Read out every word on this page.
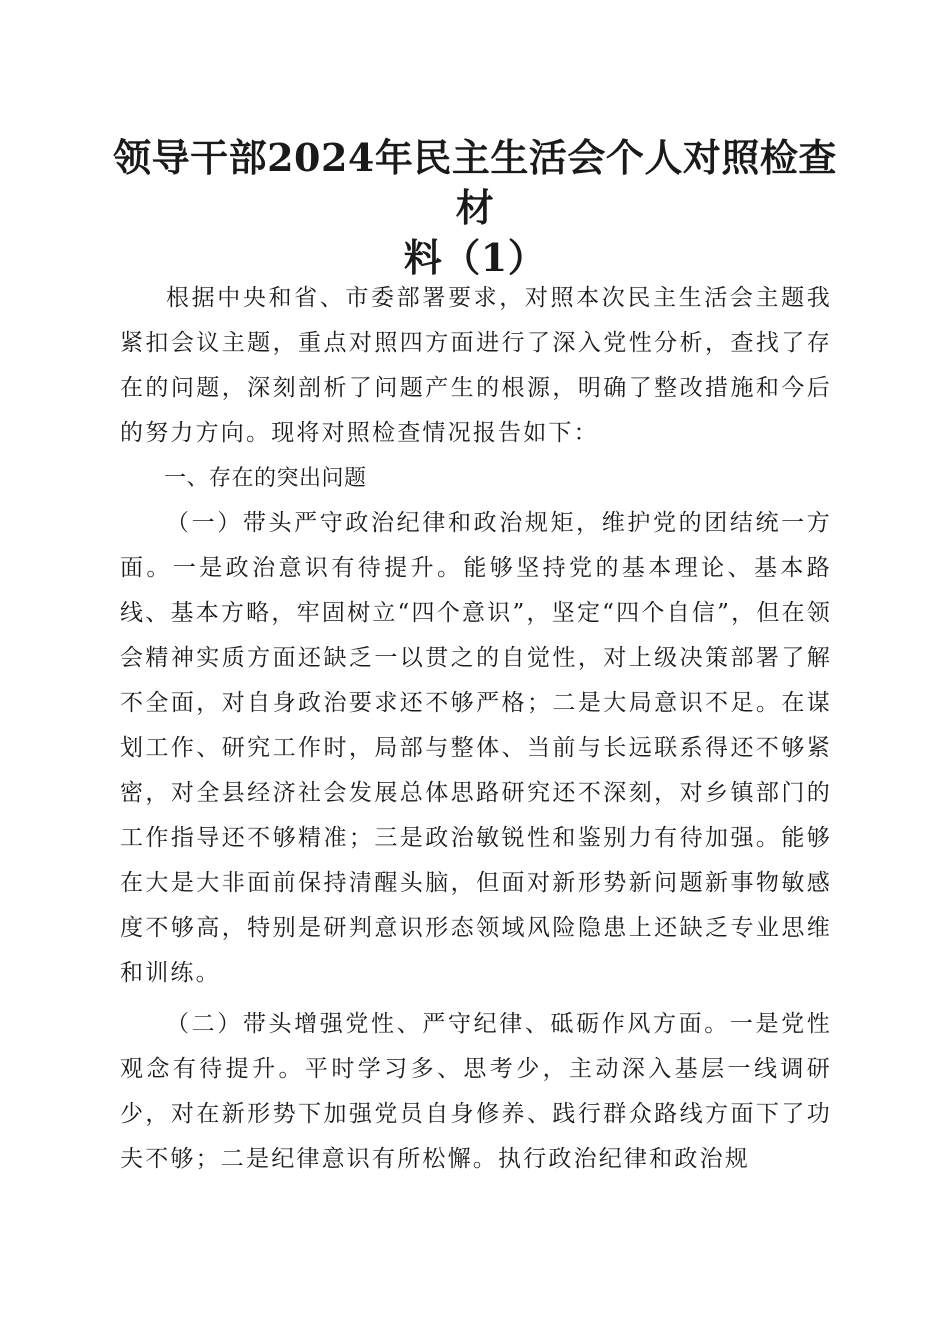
领导干部2024年民主生活会个人对照检查材
料（1）

根据中央和省、市委部署要求，对照本次民主生活会主题我紧扣会议主题，重点对照四方面进行了深入党性分析，查找了存在的问题，深刻剖析了问题产生的根源，明确了整改措施和今后的努力方向。现将对照检查情况报告如下：

一、存在的突出问题

（一）带头严守政治纪律和政治规矩，维护党的团结统一方面。一是政治意识有待提升。能够坚持党的基本理论、基本路线、基本方略，牢固树立“四个意识”，坚定“四个自信”，但在领会精神实质方面还缺乏一以贯之的自觉性，对上级决策部署了解不全面，对自身政治要求还不够严格；二是大局意识不足。在谋划工作、研究工作时，局部与整体、当前与长远联系得还不够紧密，对全县经济社会发展总体思路研究还不深刻，对乡镇部门的工作指导还不够精准；三是政治敏锐性和鉴别力有待加强。能够在大是大非面前保持清醒头脑，但面对新形势新问题新事物敏感度不够高，特别是研判意识形态领域风险隐患上还缺乏专业思维和训练。

（二）带头增强党性、严守纪律、砥砺作风方面。一是党性观念有待提升。平时学习多、思考少，主动深入基层一线调研少，对在新形势下加强党员自身修养、践行群众路线方面下了功夫不够；二是纪律意识有所松懈。执行政治纪律和政治规
